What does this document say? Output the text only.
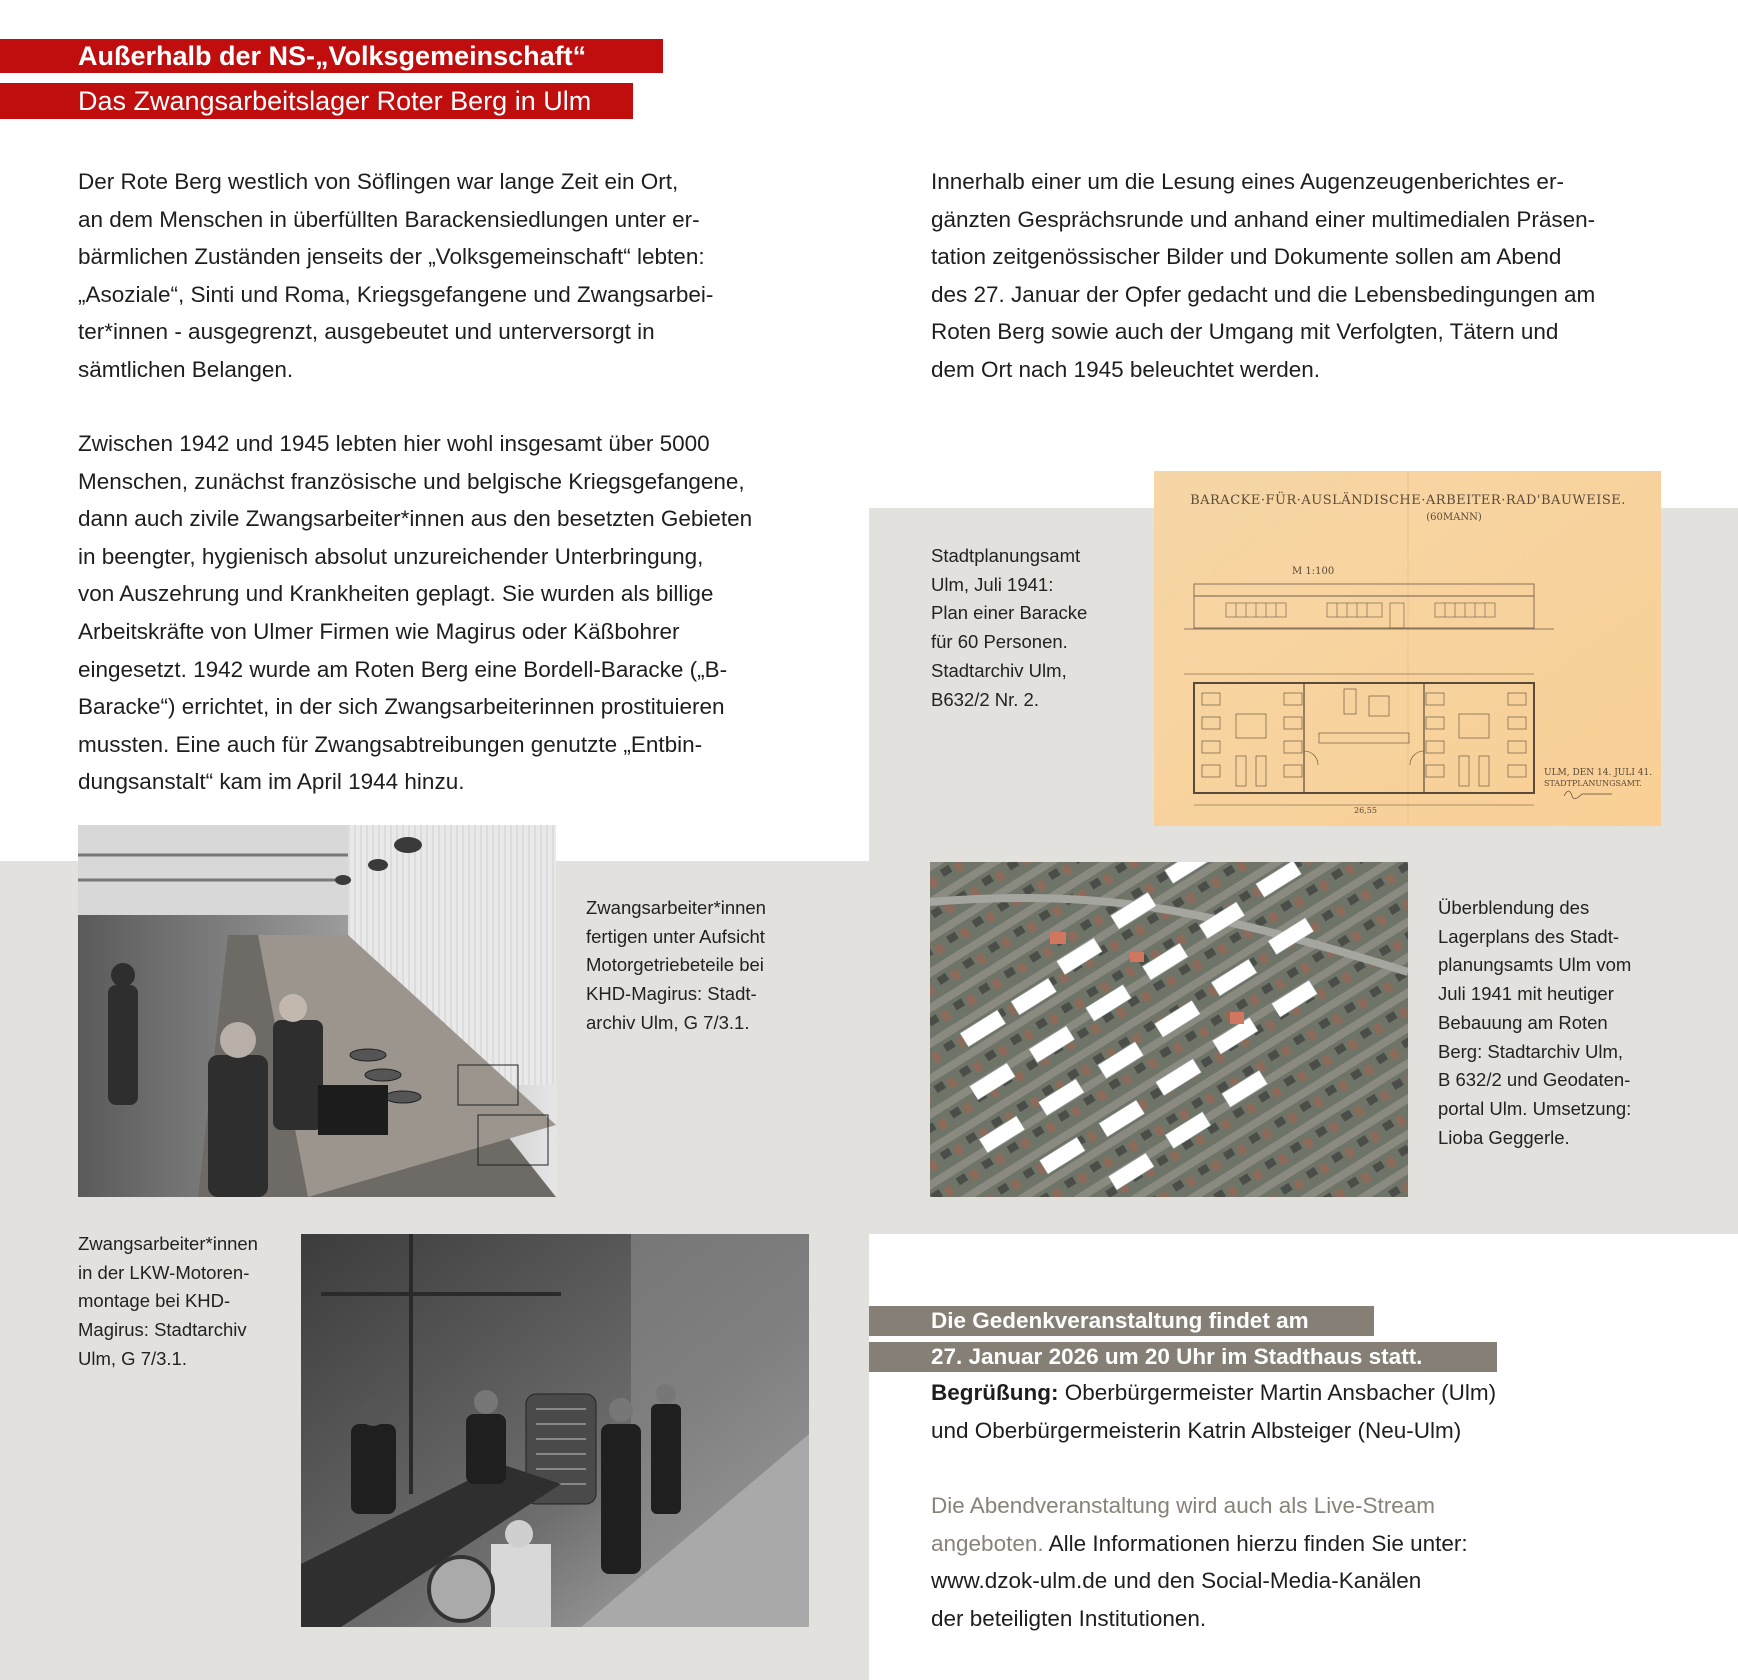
Außerhalb der NS-„Volksgemeinschaft“
Das Zwangsarbeitslager Roter Berg in Ulm
Der Rote Berg westlich von Söflingen war lange Zeit ein Ort,
an dem Menschen in überfüllten Barackensiedlungen unter er-
bärmlichen Zuständen jenseits der „Volksgemeinschaft“ lebten:
„Asoziale“, Sinti und Roma, Kriegsgefangene und Zwangsarbei-
ter*innen - ausgegrenzt, ausgebeutet und unterversorgt in
sämtlichen Belangen.
Zwischen 1942 und 1945 lebten hier wohl insgesamt über 5000
Menschen, zunächst französische und belgische Kriegsgefangene,
dann auch zivile Zwangsarbeiter*innen aus den besetzten Gebieten
in beengter, hygienisch absolut unzureichender Unterbringung,
von Auszehrung und Krankheiten geplagt. Sie wurden als billige
Arbeitskräfte von Ulmer Firmen wie Magirus oder Käßbohrer
eingesetzt. 1942 wurde am Roten Berg eine Bordell-Baracke („B-
Baracke“) errichtet, in der sich Zwangsarbeiterinnen prostituieren
mussten. Eine auch für Zwangsabtreibungen genutzte „Entbin-
dungsanstalt“ kam im April 1944 hinzu.
Innerhalb einer um die Lesung eines Augenzeugenberichtes er-
gänzten Gesprächsrunde und anhand einer multimedialen Präsen-
tation zeitgenössischer Bilder und Dokumente sollen am Abend
des 27. Januar der Opfer gedacht und die Lebensbedingungen am
Roten Berg sowie auch der Umgang mit Verfolgten, Tätern und
dem Ort nach 1945 beleuchtet werden.
Stadtplanungsamt
Ulm, Juli 1941:
Plan einer Baracke
für 60 Personen.
Stadtarchiv Ulm,
B632/2 Nr. 2.
BARACKE·FÜR·AUSLÄNDISCHE·ARBEITER·RAD'BAUWEISE.
(60MANN)
M 1:100
26,55
ULM, DEN 14. JULI 41.
STADTPLANUNGSAMT.
Zwangsarbeiter*innen
fertigen unter Aufsicht
Motorgetriebeteile bei
KHD-Magirus: Stadt-
archiv Ulm, G 7/3.1.
Überblendung des
Lagerplans des Stadt-
planungsamts Ulm vom
Juli 1941 mit heutiger
Bebauung am Roten
Berg: Stadtarchiv Ulm,
B 632/2 und Geodaten-
portal Ulm. Umsetzung:
Lioba Geggerle.
Zwangsarbeiter*innen
in der LKW-Motoren-
montage bei KHD-
Magirus: Stadtarchiv
Ulm, G 7/3.1.
Die Gedenkveranstaltung findet am
27. Januar 2026 um 20 Uhr im Stadthaus statt.
Begrüßung: Oberbürgermeister Martin Ansbacher (Ulm)
und Oberbürgermeisterin Katrin Albsteiger (Neu-Ulm)
Die Abendveranstaltung wird auch als Live-Stream
angeboten. Alle Informationen hierzu finden Sie unter:
www.dzok-ulm.de und den Social-Media-Kanälen
der beteiligten Institutionen.
